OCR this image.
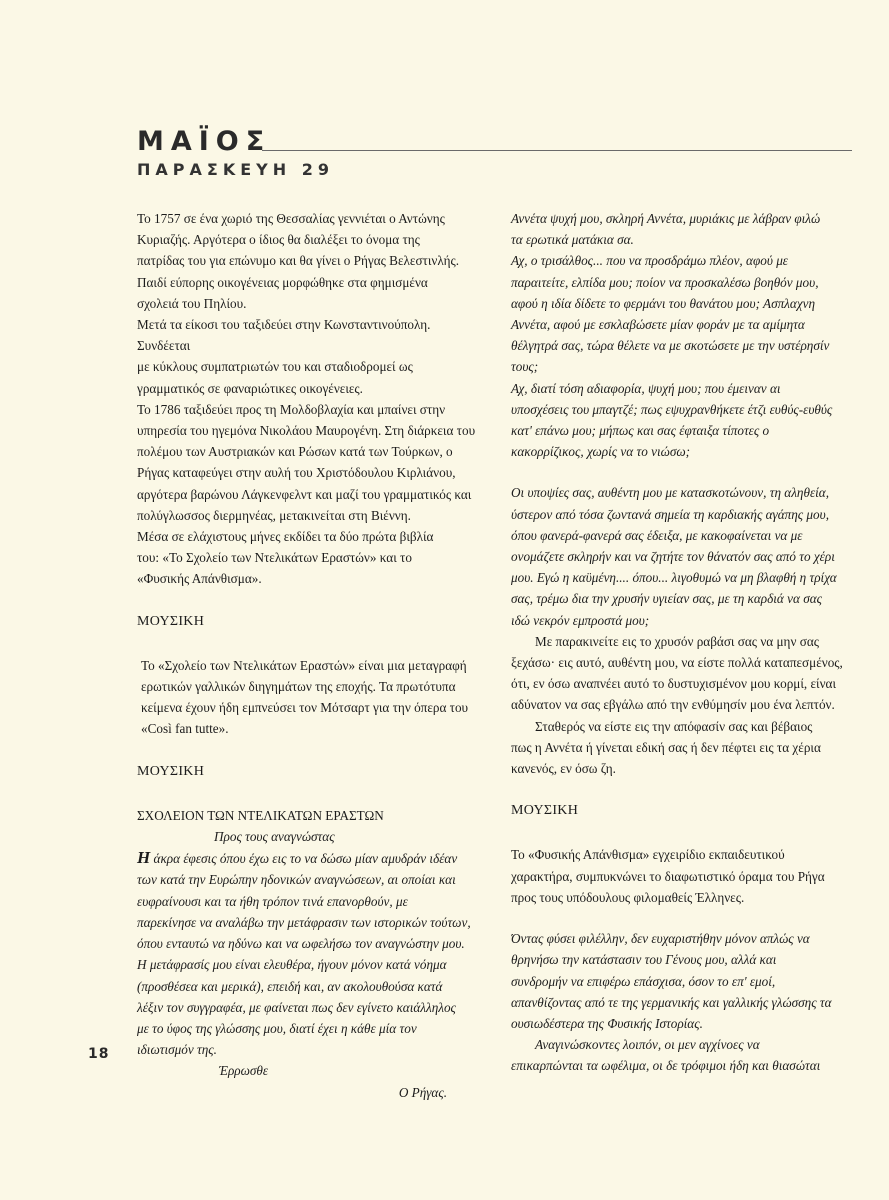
ΜΑΪΟΣ
ΠΑΡΑΣΚΕΥΗ 29

Το 1757 σε ένα χωριό της Θεσσαλίας γεννιέται ο Αντώνης

Κυριαζής. Αργότερα ο ίδιος θα διαλέξει το όνομα της

πατρίδας του για επώνυμο και θα γίνει ο Ρήγας Βελεστινλής.

Παιδί εύπορης οικογένειας μορφώθηκε στα φημισμένα

σχολειά του Πηλίου.

Μετά τα είκοσι του ταξιδεύει στην Κωνσταντινούπολη. Συνδέεται

με κύκλους συμπατριωτών του και σταδιοδρομεί ως

γραμματικός σε φαναριώτικες οικογένειες.

Το 1786 ταξιδεύει προς τη Μολδοβλαχία και μπαίνει στην

υπηρεσία του ηγεμόνα Νικολάου Μαυρογένη. Στη διάρκεια του

πολέμου των Αυστριακών και Ρώσων κατά των Τούρκων, ο

Ρήγας καταφεύγει στην αυλή του Χριστόδουλου Κιρλιάνου,

αργότερα βαρώνου Λάγκενφελντ και μαζί του γραμματικός και

πολύγλωσσος διερμηνέας, μετακινείται στη Βιέννη.

Μέσα σε ελάχιστους μήνες εκδίδει τα δύο πρώτα βιβλία

του: «Το Σχολείο των Ντελικάτων Εραστών» και το

«Φυσικής Απάνθισμα».

ΜΟΥΣΙΚΗ

Το «Σχολείο των Ντελικάτων Εραστών» είναι μια μεταγραφή

ερωτικών γαλλικών διηγημάτων της εποχής. Τα πρωτότυπα

κείμενα έχουν ήδη εμπνεύσει τον Μότσαρτ για την όπερα του

«Così fan tutte».

ΜΟΥΣΙΚΗ

ΣΧΟΛΕΙΟΝ ΤΩΝ ΝΤΕΛΙΚΑΤΩΝ ΕΡΑΣΤΩΝ

Προς τους αναγνώστας

Η άκρα έφεσις όπου έχω εις το να δώσω μίαν αμυδράν ιδέαν

των κατά την Ευρώπην ηδονικών αναγνώσεων, αι οποίαι και

ευφραίνουσι και τα ήθη τρόπον τινά επανορθούν, με

παρεκίνησε να αναλάβω την μετάφρασιν των ιστορικών τούτων,

όπου ενταυτώ να ηδύνω και να ωφελήσω τον αναγνώστην μου.

Η μετάφρασίς μου είναι ελευθέρα, ήγουν μόνον κατά νόημα

(προσθέσεα και μερικά), επειδή και, αν ακολουθούσα κατά

λέξιν τον συγγραφέα, με φαίνεται πως δεν εγίνετο καιάλληλος

με το ύφος της γλώσσης μου, διατί έχει η κάθε μία τον

ιδιωτισμόν της.

Έρρωσθε

Ο Ρήγας.

Αννέτα ψυχή μου, σκληρή Αννέτα, μυριάκις με λάβραν φιλώ

τα ερωτικά ματάκια σα.

Αχ, ο τρισάλθος... που να προσδράμω πλέον, αφού με

παραιτείτε, ελπίδα μου; ποίον να προσκαλέσω βοηθόν μου,

αφού η ιδία δίδετε το φερμάνι του θανάτου μου; Ασπλαχνη

Αννέτα, αφού με εσκλαβώσετε μίαν φοράν με τα αμίμητα

θέλγητρά σας, τώρα θέλετε να με σκοτώσετε με την υστέρησίν

τους;

Αχ, διατί τόση αδιαφορία, ψυχή μου; που έμειναν αι

υποσχέσεις του μπαγτζέ; πως εψυχρανθήκετε έτζι ευθύς-ευθύς

κατ' επάνω μου; μήπως και σας έφταιξα τίποτες ο

κακορρίζικος, χωρίς να το νιώσω;

Οι υποψίες σας, αυθέντη μου με κατασκοτώνουν, τη αληθεία,

ύστερον από τόσα ζωντανά σημεία τη καρδιακής αγάπης μου,

όπου φανερά-φανερά σας έδειξα, με κακοφαίνεται να με

ονομάζετε σκληρήν και να ζητήτε τον θάνατόν σας από το χέρι

μου. Εγώ η καϋμένη.... όπου... λιγοθυμώ να μη βλαφθή η τρίχα

σας, τρέμω δια την χρυσήν υγιείαν σας, με τη καρδιά να σας

ιδώ νεκρόν εμπροστά μου;

Με παρακινείτε εις το χρυσόν ραβάσι σας να μην σας

ξεχάσω· εις αυτό, αυθέντη μου, να είστε πολλά καταπεσμένος,

ότι, εν όσω αναπνέει αυτό το δυστυχισμένον μου κορμί, είναι

αδύνατον να σας εβγάλω από την ενθύμησίν μου ένα λεπτόν.

Σταθερός να είστε εις την απόφασίν σας και βέβαιος

πως η Αννέτα ή γίνεται εδική σας ή δεν πέφτει εις τα χέρια

κανενός, εν όσω ζη.

ΜΟΥΣΙΚΗ

Το «Φυσικής Απάνθισμα» εγχειρίδιο εκπαιδευτικού

χαρακτήρα, συμπυκνώνει το διαφωτιστικό όραμα του Ρήγα

προς τους υπόδουλους φιλομαθείς Έλληνες.

Όντας φύσει φιλέλλην, δεν ευχαριστήθην μόνον απλώς να

θρηνήσω την κατάστασιν του Γένους μου, αλλά και

συνδρομήν να επιφέρω επάσχισα, όσον το επ' εμοί,

απανθίζοντας από τε της γερμανικής και γαλλικής γλώσσης τα

ουσιωδέστερα της Φυσικής Ιστορίας.

Αναγινώσκοντες λοιπόν, οι μεν αγχίνοες να

επικαρπώνται τα ωφέλιμα, οι δε τρόφιμοι ήδη και θιασώται

18
